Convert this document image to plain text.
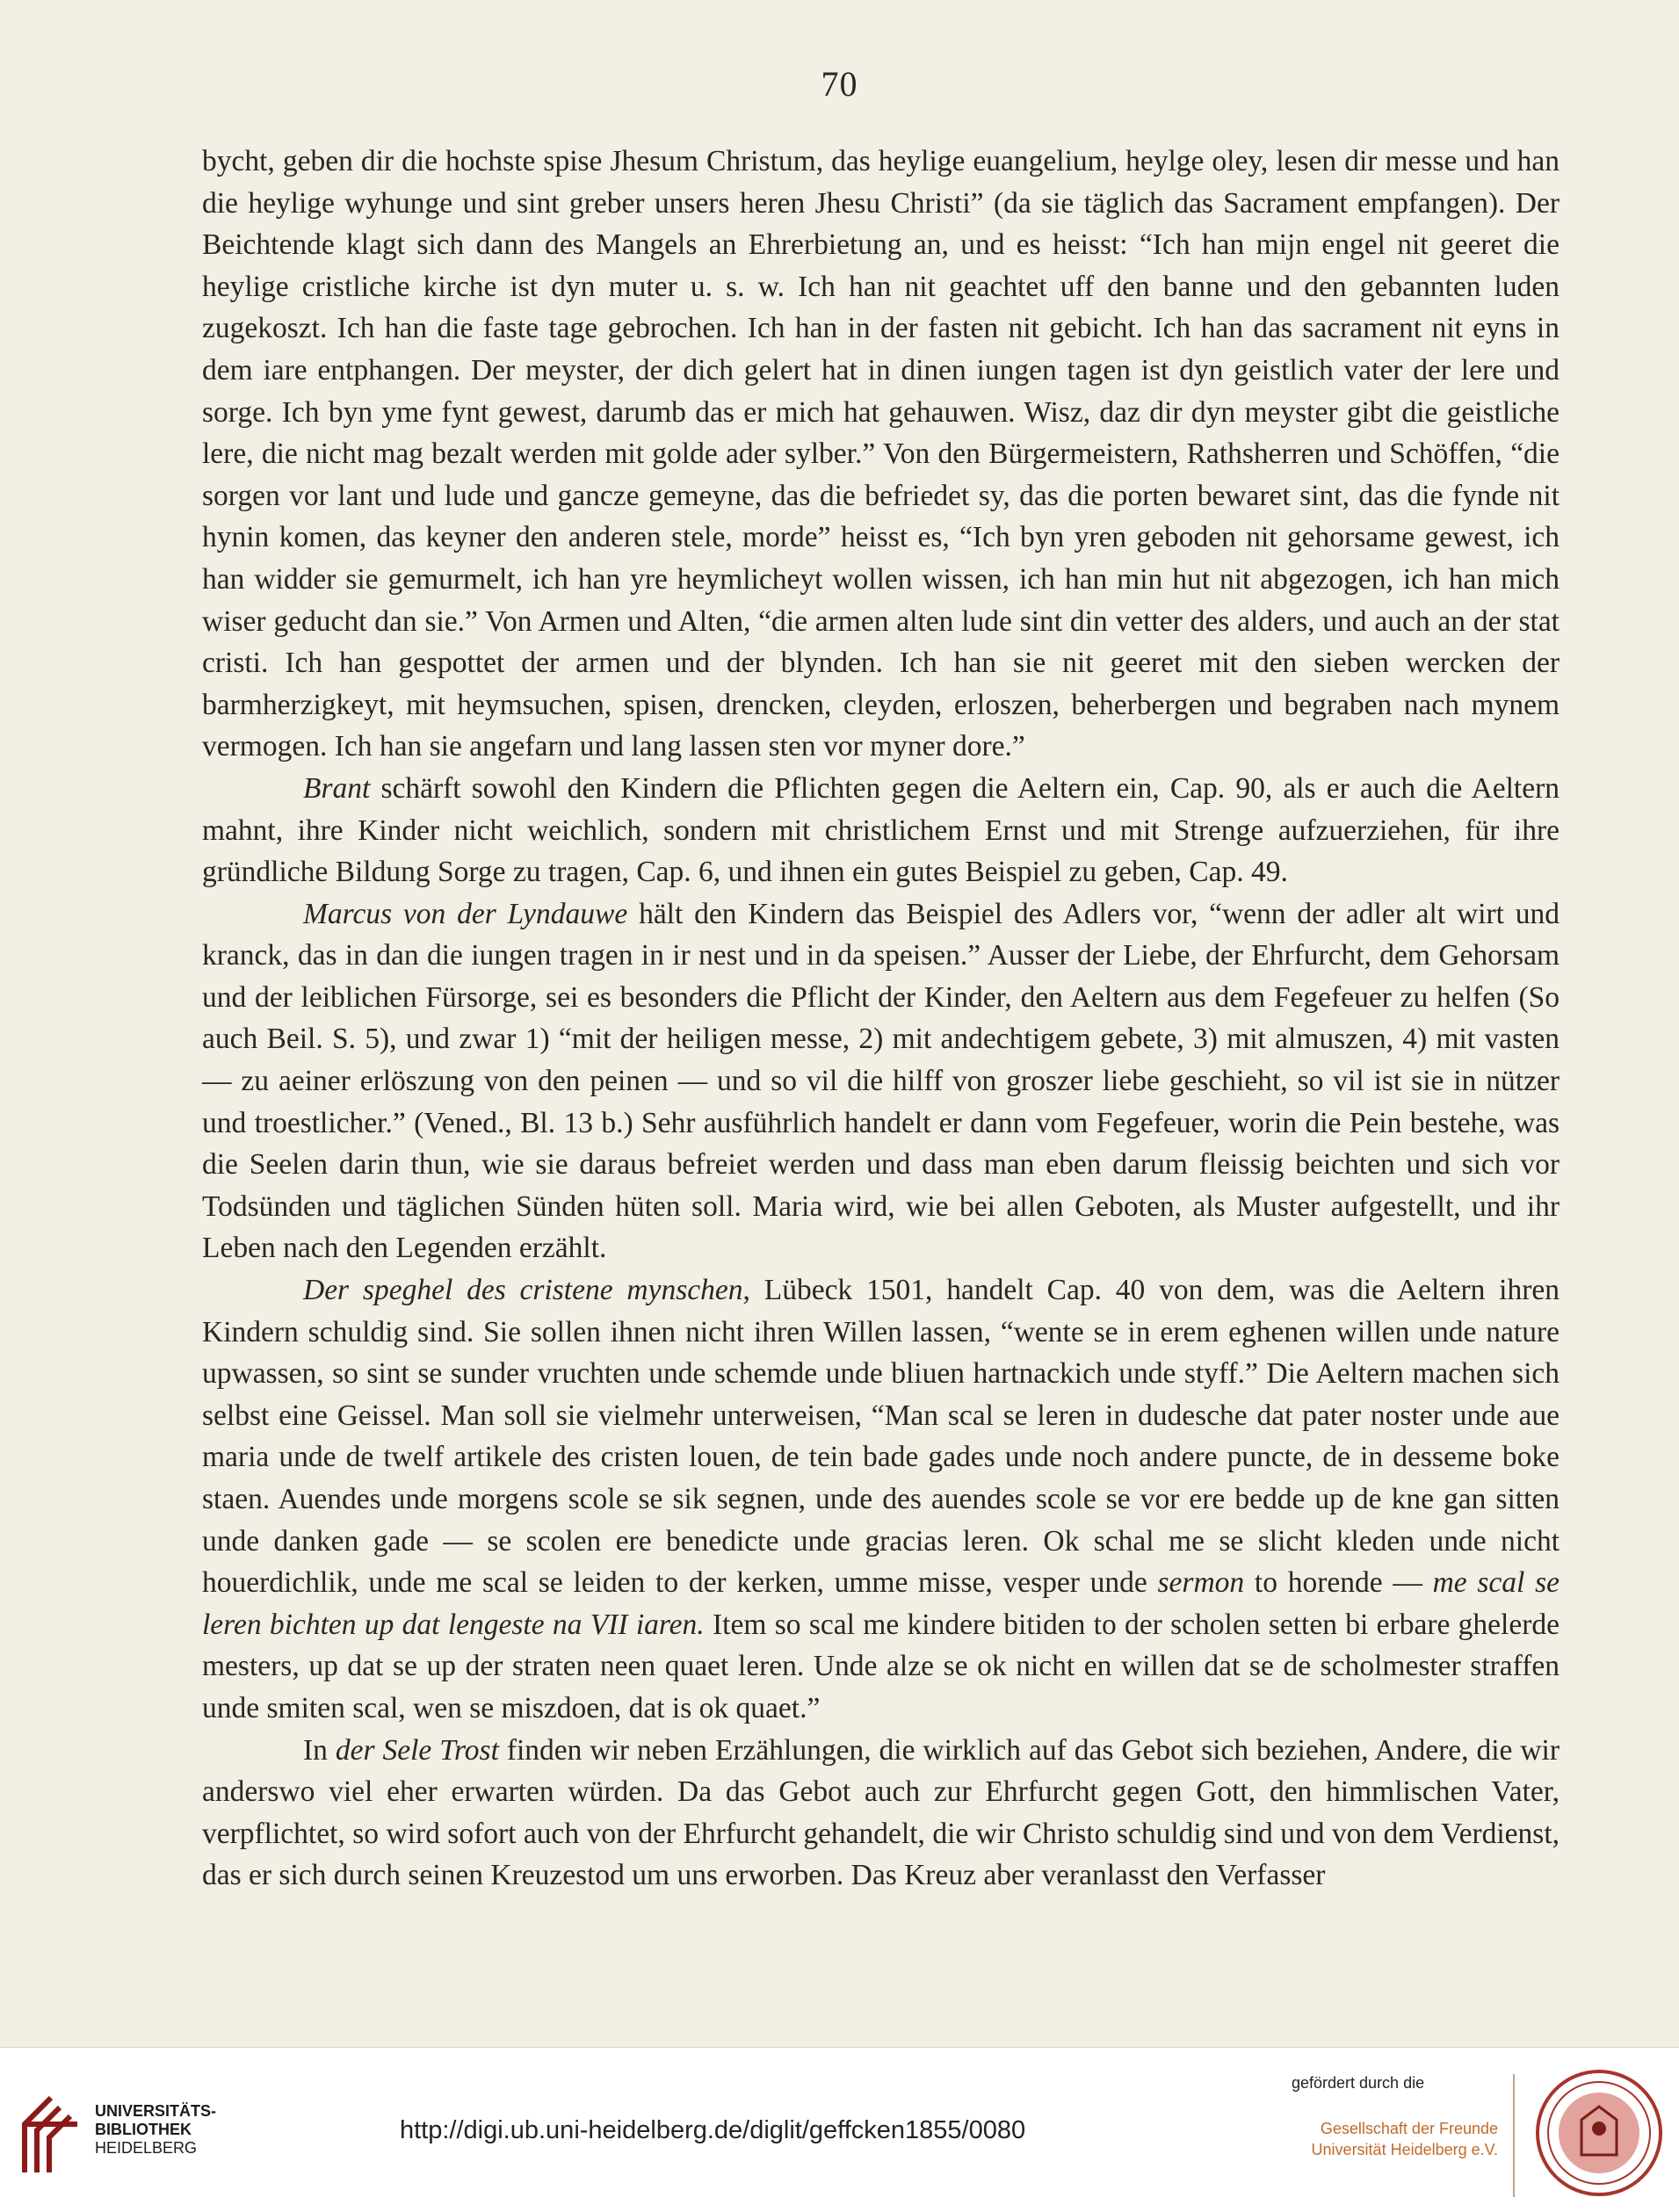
70

bycht, geben dir die hochste spise Jhesum Christum, das heylige euangelium, heylge oley, lesen dir messe und han die heylige wyhunge und sint greber unsers heren Jhesu Christi” (da sie täglich das Sacrament empfangen). Der Beichtende klagt sich dann des Mangels an Ehrerbietung an, und es heisst: “Ich han mijn engel nit geeret die heylige cristliche kirche ist dyn muter u. s. w. Ich han nit geachtet uff den banne und den gebannten luden zugekoszt. Ich han die faste tage gebrochen. Ich han in der fasten nit gebicht. Ich han das sacrament nit eyns in dem iare entphangen. Der meyster, der dich gelert hat in dinen iungen tagen ist dyn geistlich vater der lere und sorge. Ich byn yme fynt gewest, darumb das er mich hat gehauwen. Wisz, daz dir dyn meyster gibt die geistliche lere, die nicht mag bezalt werden mit golde ader sylber.” Von den Bürgermeistern, Rathsherren und Schöffen, “die sorgen vor lant und lude und gancze gemeyne, das die befriedet sy, das die porten bewaret sint, das die fynde nit hynin komen, das keyner den anderen stele, morde” heisst es, “Ich byn yren geboden nit gehorsame gewest, ich han widder sie gemurmelt, ich han yre heymlicheyt wollen wissen, ich han min hut nit abgezogen, ich han mich wiser geducht dan sie.” Von Armen und Alten, “die armen alten lude sint din vetter des alders, und auch an der stat cristi. Ich han gespottet der armen und der blynden. Ich han sie nit geeret mit den sieben wercken der barmherzigkeyt, mit heymsuchen, spisen, drencken, cleyden, erloszen, beherbergen und begraben nach mynem vermogen. Ich han sie angefarn und lang lassen sten vor myner dore.”

Brant schärft sowohl den Kindern die Pflichten gegen die Aeltern ein, Cap. 90, als er auch die Aeltern mahnt, ihre Kinder nicht weichlich, sondern mit christlichem Ernst und mit Strenge aufzuerziehen, für ihre gründliche Bildung Sorge zu tragen, Cap. 6, und ihnen ein gutes Beispiel zu geben, Cap. 49.

Marcus von der Lyndauwe hält den Kindern das Beispiel des Adlers vor, “wenn der adler alt wirt und kranck, das in dan die iungen tragen in ir nest und in da speisen.” Ausser der Liebe, der Ehrfurcht, dem Gehorsam und der leiblichen Fürsorge, sei es besonders die Pflicht der Kinder, den Aeltern aus dem Fegefeuer zu helfen (So auch Beil. S. 5), und zwar 1) “mit der heiligen messe, 2) mit andechtigem gebete, 3) mit almuszen, 4) mit vasten — zu aeiner erlöszung von den peinen — und so vil die hilff von groszer liebe geschieht, so vil ist sie in nützer und troestlicher.” (Vened., Bl. 13 b.) Sehr ausführlich handelt er dann vom Fegefeuer, worin die Pein bestehe, was die Seelen darin thun, wie sie daraus befreiet werden und dass man eben darum fleissig beichten und sich vor Todsünden und täglichen Sünden hüten soll. Maria wird, wie bei allen Geboten, als Muster aufgestellt, und ihr Leben nach den Legenden erzählt.

Der speghel des cristene mynschen, Lübeck 1501, handelt Cap. 40 von dem, was die Aeltern ihren Kindern schuldig sind. Sie sollen ihnen nicht ihren Willen lassen, “wente se in erem eghenen willen unde nature upwassen, so sint se sunder vruchten unde schemde unde bliuen hartnackich unde styff.” Die Aeltern machen sich selbst eine Geissel. Man soll sie vielmehr unterweisen, “Man scal se leren in dudesche dat pater noster unde aue maria unde de twelf artikele des cristen louen, de tein bade gades unde noch andere puncte, de in desseme boke staen. Auendes unde morgens scole se sik segnen, unde des auendes scole se vor ere bedde up de kne gan sitten unde danken gade — se scolen ere benedicte unde gracias leren. Ok schal me se slicht kleden unde nicht houerdichlik, unde me scal se leiden to der kerken, umme misse, vesper unde sermon to horende — me scal se leren bichten up dat lengeste na VII iaren. Item so scal me kindere bitiden to der scholen setten bi erbare ghelerde mesters, up dat se up der straten neen quaet leren. Unde alze se ok nicht en willen dat se de scholmester straffen unde smiten scal, wen se miszdoen, dat is ok quaet.”

In der Sele Trost finden wir neben Erzählungen, die wirklich auf das Gebot sich beziehen, Andere, die wir anderswo viel eher erwarten würden. Da das Gebot auch zur Ehrfurcht gegen Gott, den himmlischen Vater, verpflichtet, so wird sofort auch von der Ehrfurcht gehandelt, die wir Christo schuldig sind und von dem Verdienst, das er sich durch seinen Kreuzestod um uns erworben. Das Kreuz aber veranlasst den Verfasser

UNIVERSITÄTS-
BIBLIOTHEK
HEIDELBERG
http://digi.ub.uni-heidelberg.de/diglit/geffcken1855/0080
gefördert durch die
Gesellschaft der Freunde
Universität Heidelberg e.V.
